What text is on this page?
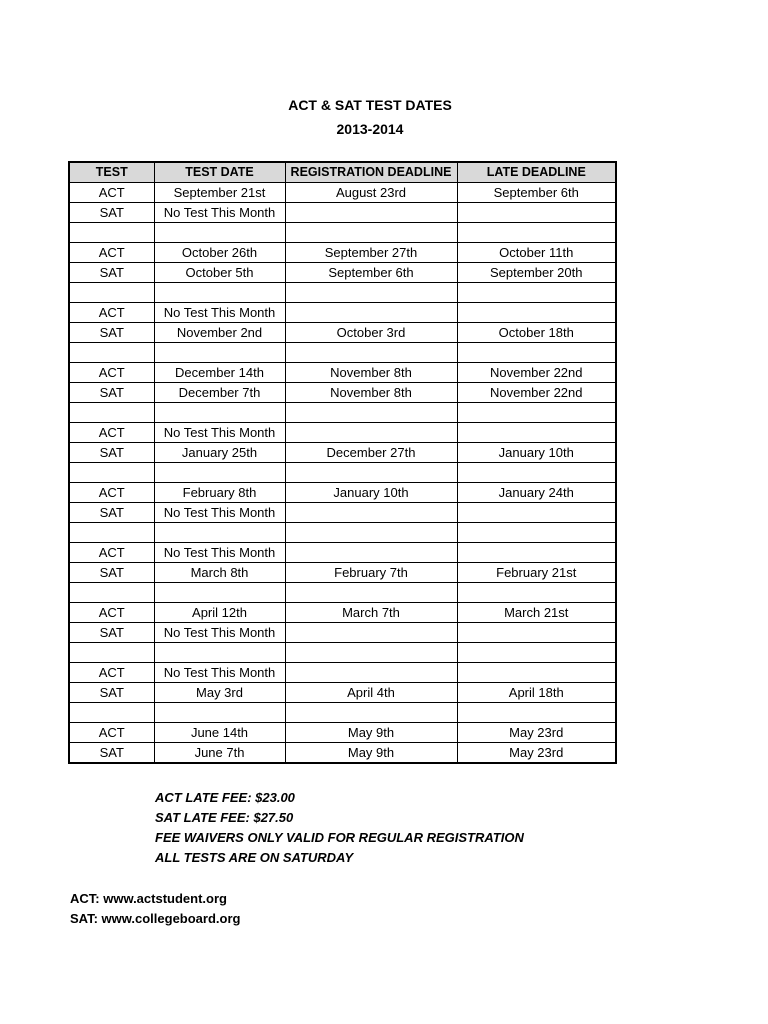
ACT & SAT TEST DATES
2013-2014
TEST	TEST DATE	REGISTRATION DEADLINE	LATE DEADLINE
ACT	September 21st	August 23rd	September 6th
SAT	No Test This Month		

ACT	October 26th	September 27th	October 11th
SAT	October 5th	September 6th	September 20th

ACT	No Test This Month		
SAT	November 2nd	October 3rd	October 18th

ACT	December 14th	November 8th	November 22nd
SAT	December 7th	November 8th	November 22nd

ACT	No Test This Month		
SAT	January 25th	December 27th	January 10th

ACT	February 8th	January 10th	January 24th
SAT	No Test This Month		

ACT	No Test This Month		
SAT	March 8th	February 7th	February 21st

ACT	April 12th	March 7th	March 21st
SAT	No Test This Month		

ACT	No Test This Month		
SAT	May 3rd	April 4th	April 18th

ACT	June 14th	May 9th	May 23rd
SAT	June 7th	May 9th	May 23rd
ACT LATE FEE: $23.00
SAT LATE FEE: $27.50
FEE WAIVERS ONLY VALID FOR REGULAR REGISTRATION
ALL TESTS ARE ON SATURDAY
ACT: www.actstudent.org
SAT: www.collegeboard.org
